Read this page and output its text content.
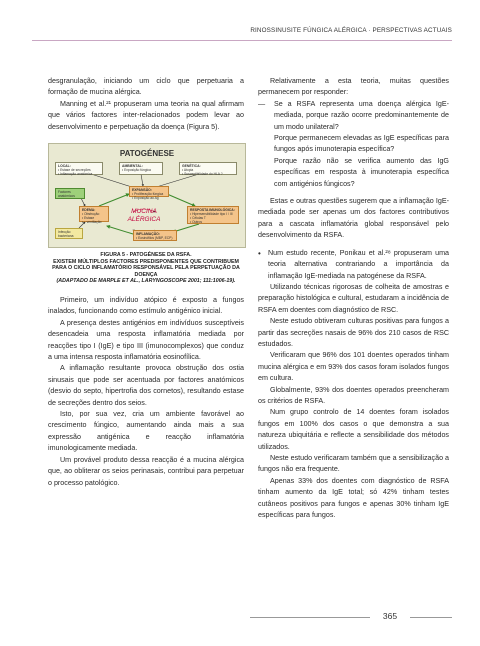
RINOSSINUSITE FÚNGICA ALÉRGICA · PERSPECTIVAS ACTUAIS

desgranulação, iniciando um ciclo que perpetuaria a formação de mucina alérgica.

Manning et al.²¹ propuseram uma teoria na qual afirmam que vários factores inter-relacionados podem levar ao desenvolvimento e perpetuação da doença (Figura 5).

PATOGÉNESE
LOCAL:
• Estase de secreções
• Inflamação anatómica
AMBIENTAL:
• Exposição fúngica
GENÉTICA:
• Atopia
• Susceptibilidade do HLA ?
Factores anatómicos
EXPANSÃO:
• Proliferação fúngica
• Exposição ao Ag
EDEMA:
• Obstrução
• Estase
• ↓ ventilação
MUCINA ALÉRGICA
RESPOSTA IMUNOLÓGICA:
• Hipersensibilidade tipo I / III
• Células T
• Outros
Infecção bacteriana	INFLAMAÇÃO:
• Eosinófilos (MBP, ECP)
FIGURA 5 - PATOGÉNESE DA RSFA.
EXISTEM MÚLTIPLOS FACTORES PREDISPONENTES QUE CONTRIBUEM PARA O CICLO INFLAMATÓRIO RESPONSÁVEL PELA PERPETUAÇÃO DA DOENÇA
(ADAPTADO DE MARPLE ET AL., LARYNGOSCOPE 2001; 111:1006-19).

Primeiro, um indivíduo atópico é exposto a fungos inalados, funcionando como estímulo antigénico inicial.

A presença destes antigénios em indivíduos susceptíveis desencadeia uma resposta inflamatória mediada por reacções tipo I (IgE) e tipo III (imunocomplexos) que conduz a uma intensa resposta inflamatória eosinofílica.

A inflamação resultante provoca obstrução dos ostia sinusais que pode ser acentuada por factores anatómicos (desvio do septo, hipertrofia dos cornetos), resultando estase de secreções dentro dos seios.

Isto, por sua vez, cria um ambiente favorável ao crescimento fúngico, aumentando ainda mais a sua expressão antigénica e reacção inflamatória imunologicamente mediada.

Um provável produto dessa reacção é a mucina alérgica que, ao obliterar os seios perinasais, contribui para perpetuar o processo patológico.

Relativamente a esta teoria, muitas questões permanecem por responder:

—	Se a RSFA representa uma doença alérgica IgE-mediada, porque razão ocorre predominantemente de um modo unilateral?

Porque permanecem elevadas as IgE específicas para fungos após imunoterapia específica?

Porque razão não se verifica aumento das IgG específicas em resposta à imunoterapia específica com antigénios fúngicos?

Estas e outras questões sugerem que a inflamação IgE-mediada pode ser apenas um dos factores contributivos para a cascata inflamatória global responsável pelo desenvolvimento da RSFA.

•	Num estudo recente, Ponikau et al.²⁸ propuseram uma teoria alternativa contrariando a importância da inflamação IgE-mediada na patogénese da RSFA.

Utilizando técnicas rigorosas de colheita de amostras e preparação histológica e cultural, estudaram a incidência de RSFA em doentes com diagnóstico de RSC.

Neste estudo obtiveram culturas positivas para fungos a partir das secreções nasais de 96% dos 210 casos de RSC estudados.

Verificaram que 96% dos 101 doentes operados tinham mucina alérgica e em 93% dos casos foram isolados fungos em cultura.

Globalmente, 93% dos doentes operados preencheram os critérios de RSFA.

Num grupo controlo de 14 doentes foram isolados fungos em 100% dos casos o que demonstra a sua natureza ubiquitária e reflecte a sensibilidade dos métodos utilizados.

Neste estudo verificaram também que a sensibilização a fungos não era frequente.

Apenas 33% dos doentes com diagnóstico de RSFA tinham aumento da IgE total; só 42% tinham testes cutâneos positivos para fungos e apenas 30% tinham IgE específicas para fungos.

365
